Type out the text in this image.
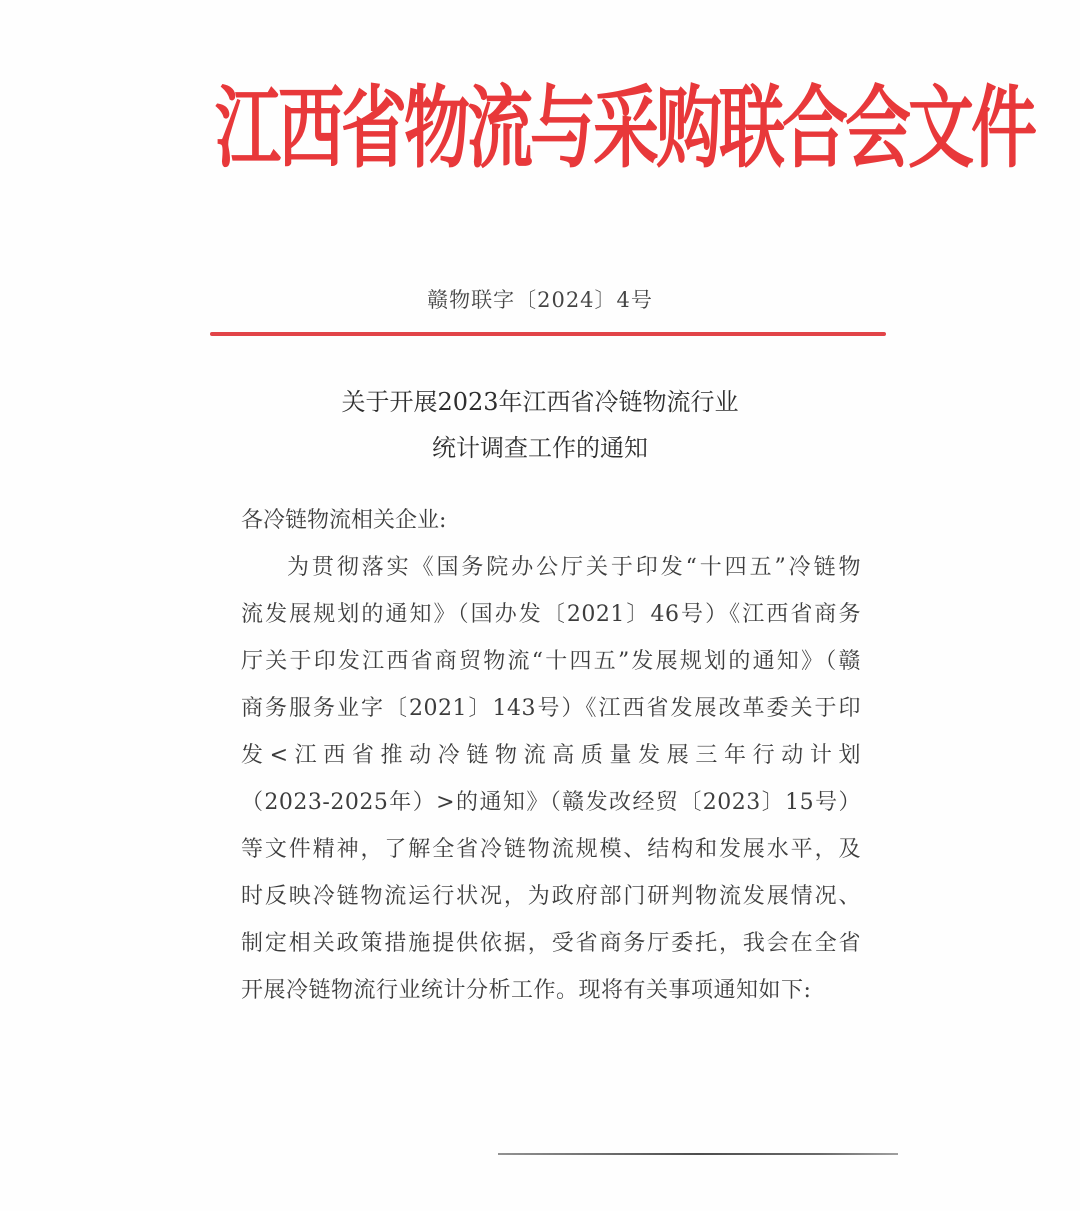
江西省物流与采购联合会文件
赣物联字〔2024〕4号
关于开展2023年江西省冷链物流行业
统计调查工作的通知
各冷链物流相关企业:
为贯彻落实《国务院办公厅关于印发“十四五”冷链物
流发展规划的通知》（国办发〔2021〕46号）《江西省商务
厅关于印发江西省商贸物流“十四五”发展规划的通知》（赣
商务服务业字〔2021〕143号）《江西省发展改革委关于印
发<江西省推动冷链物流高质量发展三年行动计划
（2023-2025年）>的通知》（赣发改经贸〔2023〕15号）
等文件精神，了解全省冷链物流规模、结构和发展水平，及
时反映冷链物流运行状况，为政府部门研判物流发展情况、
制定相关政策措施提供依据，受省商务厅委托，我会在全省
开展冷链物流行业统计分析工作。现将有关事项通知如下:
